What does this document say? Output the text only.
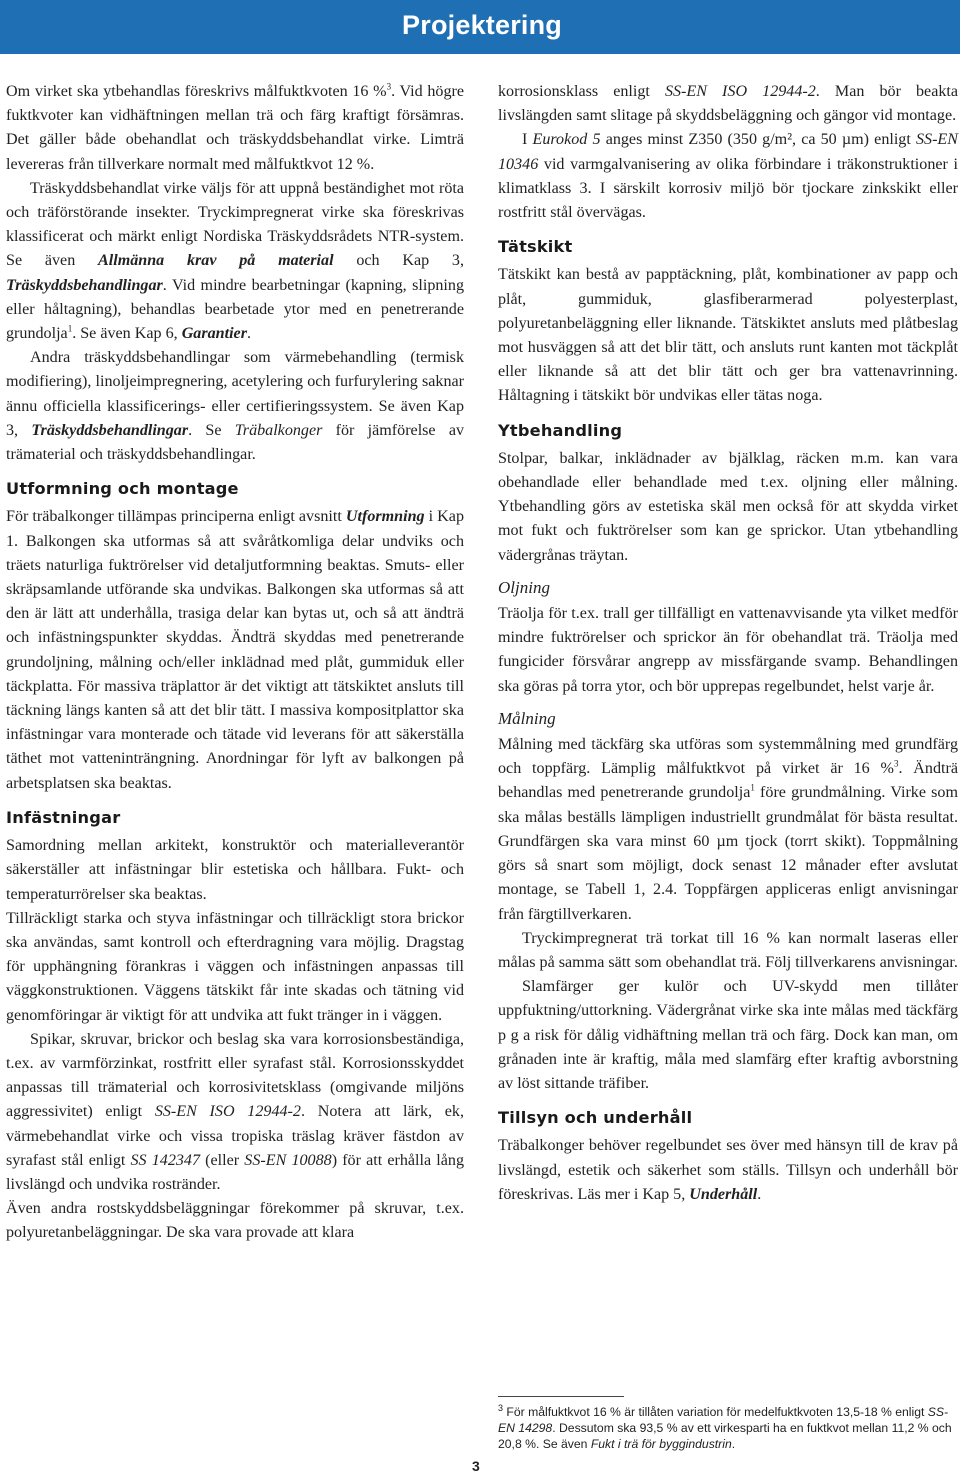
Projektering

Om virket ska ytbehandlas föreskrivs målfuktkvoten 16 %$^3$. Vid högre fuktkvoter kan vidhäftningen mellan trä och färg kraftigt försämras. Det gäller både obehandlat och träskyddsbehandlat virke. Limträ levereras från tillverkare normalt med målfuktkvot 12 %.

Träskyddsbehandlat virke väljs för att uppnå beständighet mot röta och träförstörande insekter. Tryckimpregnerat virke ska föreskrivas klassificerat och märkt enligt Nordiska Träskyddsrådets NTR-system. Se även Allmänna krav på material och Kap 3, Träskyddsbehandlingar. Vid mindre bearbetningar (kapning, slipning eller håltagning), behandlas bearbetade ytor med en penetrerande grundolja$^1$. Se även Kap 6, Garantier.

Andra träskyddsbehandlingar som värmebehandling (termisk modifiering), linoljeimpregnering, acetylering och furfurylering saknar ännu officiella klassificerings- eller certifieringssystem. Se även Kap 3, Träskyddsbehandlingar. Se Träbalkonger för jämförelse av trämaterial och träskyddsbehandlingar.

Utformning och montage

För träbalkonger tillämpas principerna enligt avsnitt Utformning i Kap 1. Balkongen ska utformas så att svåråtkomliga delar undviks och träets naturliga fuktrörelser vid detaljutformning beaktas. Smuts- eller skräpsamlande utförande ska undvikas. Balkongen ska utformas så att den är lätt att underhålla, trasiga delar kan bytas ut, och så att ändträ och infästningspunkter skyddas. Ändträ skyddas med penetrerande grundoljning, målning och/eller inklädnad med plåt, gummiduk eller täckplatta. För massiva träplattor är det viktigt att tätskiktet ansluts till täckning längs kanten så att det blir tätt. I massiva kompositplattor ska infästningar vara monterade och tätade vid leverans för att säkerställa täthet mot vatteninträngning. Anordningar för lyft av balkongen på arbetsplatsen ska beaktas.

Infästningar

Samordning mellan arkitekt, konstruktör och materialleverantör säkerställer att infästningar blir estetiska och hållbara. Fukt- och temperaturrörelser ska beaktas.

Tillräckligt starka och styva infästningar och tillräckligt stora brickor ska användas, samt kontroll och efterdragning vara möjlig. Dragstag för upphängning förankras i väggen och infästningen anpassas till väggkonstruktionen. Väggens tätskikt får inte skadas och tätning vid genomföringar är viktigt för att undvika att fukt tränger in i väggen.

Spikar, skruvar, brickor och beslag ska vara korrosionsbeständiga, t.ex. av varmförzinkat, rostfritt eller syrafast stål. Korrosionsskyddet anpassas till trämaterial och korrosivitetsklass (omgivande miljöns aggressivitet) enligt SS-EN ISO 12944-2. Notera att lärk, ek, värmebehandlat virke och vissa tropiska träslag kräver fästdon av syrafast stål enligt SS 142347 (eller SS-EN 10088) för att erhålla lång livslängd och undvika rostränder.

Även andra rostskyddsbeläggningar förekommer på skruvar, t.ex. polyuretanbeläggningar. De ska vara provade att klara

korrosionsklass enligt SS-EN ISO 12944-2. Man bör beakta livslängden samt slitage på skyddsbeläggning och gängor vid montage.

I Eurokod 5 anges minst Z350 (350 g/m², ca 50 µm) enligt SS-EN 10346 vid varmgalvanisering av olika förbindare i träkonstruktioner i klimatklass 3. I särskilt korrosiv miljö bör tjockare zinkskikt eller rostfritt stål övervägas.

Tätskikt

Tätskikt kan bestå av papptäckning, plåt, kombinationer av papp och plåt, gummiduk, glasfiberarmerad polyesterplast, polyuretanbeläggning eller liknande. Tätskiktet ansluts med plåtbeslag mot husväggen så att det blir tätt, och ansluts runt kanten mot täckplåt eller liknande så att det blir tätt och ger bra vattenavrinning. Håltagning i tätskikt bör undvikas eller tätas noga.

Ytbehandling

Stolpar, balkar, inklädnader av bjälklag, räcken m.m. kan vara obehandlade eller behandlade med t.ex. oljning eller målning. Ytbehandling görs av estetiska skäl men också för att skydda virket mot fukt och fuktrörelser som kan ge sprickor. Utan ytbehandling vädergrånas träytan.

Oljning

Träolja för t.ex. trall ger tillfälligt en vattenavvisande yta vilket medför mindre fuktrörelser och sprickor än för obehandlat trä. Träolja med fungicider försvårar angrepp av missfärgande svamp. Behandlingen ska göras på torra ytor, och bör upprepas regelbundet, helst varje år.

Målning

Målning med täckfärg ska utföras som systemmålning med grundfärg och toppfärg. Lämplig målfuktkvot på virket är 16 %$^3$. Ändträ behandlas med penetrerande grundolja$^1$ före grundmålning. Virke som ska målas beställs lämpligen industriellt grundmålat för bästa resultat. Grundfärgen ska vara minst 60 µm tjock (torrt skikt). Toppmålning görs så snart som möjligt, dock senast 12 månader efter avslutat montage, se Tabell 1, 2.4. Toppfärgen appliceras enligt anvisningar från färgtillverkaren.

Tryckimpregnerat trä torkat till 16 % kan normalt laseras eller målas på samma sätt som obehandlat trä. Följ tillverkarens anvisningar.

Slamfärger ger kulör och UV-skydd men tillåter uppfuktning/uttorkning. Vädergrånat virke ska inte målas med täckfärg p g a risk för dålig vidhäftning mellan trä och färg. Dock kan man, om grånaden inte är kraftig, måla med slamfärg efter kraftig avborstning av löst sittande träfiber.

Tillsyn och underhåll

Träbalkonger behöver regelbundet ses över med hänsyn till de krav på livslängd, estetik och säkerhet som ställs. Tillsyn och underhåll bör föreskrivas. Läs mer i Kap 5, Underhåll.

$^3$ För målfuktkvot 16 % är tillåten variation för medelfuktkvoten 13,5-18 % enligt SS-EN 14298. Dessutom ska 93,5 % av ett virkesparti ha en fuktkvot mellan 11,2 % och 20,8 %. Se även Fukt i trä för byggindustrin.
3
